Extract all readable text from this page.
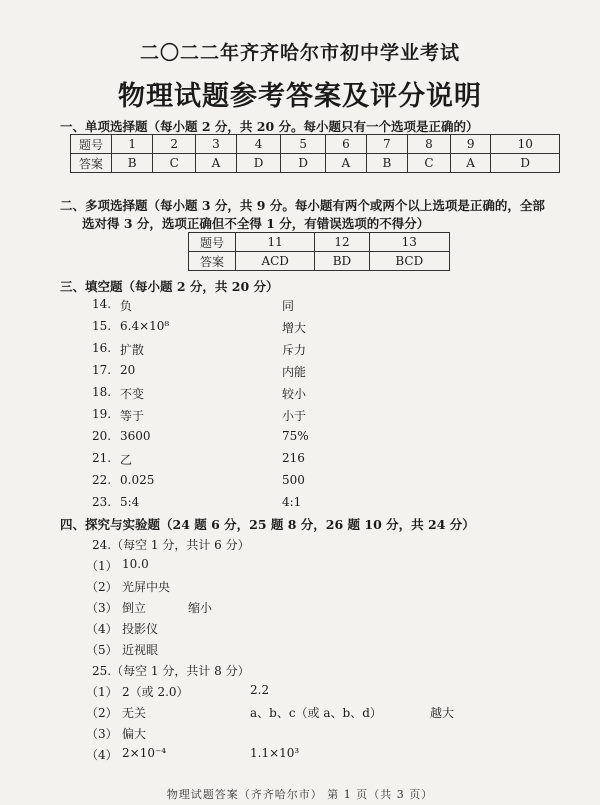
二〇二二年齐齐哈尔市初中学业考试
物理试题参考答案及评分说明
一、单项选择题（每小题 2 分，共 20 分。每小题只有一个选项是正确的）
题号	1	2	3	4	5	6	7	8	9	10
答案	B	C	A	D	D	A	B	C	A	D
二、多项选择题（每小题 3 分，共 9 分。每小题有两个或两个以上选项是正确的，全部
选对得 3 分，选项正确但不全得 1 分，有错误选项的不得分）
题号	11	12	13
答案	ACD	BD	BCD
三、填空题（每小题 2 分，共 20 分）
14. 负	同
15. 6.4×10⁸	增大
16. 扩散	斥力
17. 20	内能
18. 不变	较小
19. 等于	小于
20. 3600	75%
21. 乙	216
22. 0.025	500
23. 5:4	4:1
四、探究与实验题（24 题 6 分，25 题 8 分，26 题 10 分，共 24 分）
24.（每空 1 分，共计 6 分）
（1） 10.0
（2） 光屏中央
（3） 倒立	缩小
（4） 投影仪
（5） 近视眼
25.（每空 1 分，共计 8 分）
（1） 2（或 2.0）	2.2
（2） 无关	a、b、c（或 a、b、d）	越大
（3） 偏大
（4） 2×10⁻⁴	1.1×10³
物理试题答案（齐齐哈尔市） 第 1 页（共 3 页）
